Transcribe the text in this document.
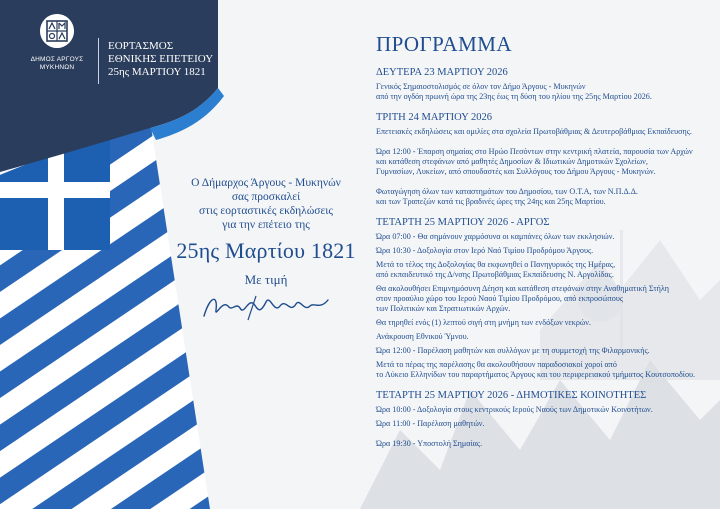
ΔΗΜΟΣ ΑΡΓΟΥΣ
ΜΥΚΗΝΩΝ
ΕΟΡΤΑΣΜΟΣ
ΕΘΝΙΚΗΣ ΕΠΕΤΕΙΟΥ
25ης ΜΑΡΤΙΟΥ 1821
Ο Δήμαρχος Άργους - Μυκηνών
σας προσκαλεί
στις εορταστικές εκδηλώσεις
για την επέτειο της
25ης Μαρτίου 1821
Με τιμή
ΠΡΟΓΡΑΜΜΑ
ΔΕΥΤΕΡΑ 23 ΜΑΡΤΙΟΥ 2026
Γενικός Σημαιοστολισμός σε όλον τον Δήμο Άργους - Μυκηνών
από την ογδόη πρωινή ώρα της 23ης έως τη δύση του ηλίου της 25ης Μαρτίου 2026.
ΤΡΙΤΗ 24 ΜΑΡΤΙΟΥ 2026
Επετειακές εκδηλώσεις και ομιλίες στα σχολεία Πρωτοβάθμιας & Δευτεροβάθμιας Εκπαίδευσης.
Ώρα 12:00 - Έπαρση σημαίας στο Ηρώο Πεσόντων στην κεντρική πλατεία, παρουσία των Αρχών
και κατάθεση στεφάνων από μαθητές Δημοσίων & Ιδιωτικών Δημοτικών Σχολείων,
Γυμνασίων, Λυκείων, από σπουδαστές και Συλλόγους του Δήμου Άργους - Μυκηνών.
Φωταγώγηση όλων των καταστημάτων του Δημοσίου, των Ο.Τ.Α, των Ν.Π.Δ.Δ.
και των Τραπεζών κατά τις βραδινές ώρες της 24ης και 25ης Μαρτίου.
ΤΕΤΑΡΤΗ 25 ΜΑΡΤΙΟΥ 2026 - ΑΡΓΟΣ
Ώρα 07:00 - Θα σημάνουν χαρμόσυνα οι καμπάνες όλων των εκκλησιών.
Ώρα 10:30 - Δοξολογία στον Ιερό Ναό Τιμίου Προδρόμου Άργους.
Μετά το τέλος της Δοξολογίας θα εκφωνηθεί ο Πανηγυρικός της Ημέρας,
από εκπαιδευτικό της Δ/νσης Πρωτοβάθμιας Εκπαίδευσης Ν. Αργολίδας.
Θα ακολουθήσει Επιμνημόσυνη Δέηση και κατάθεση στεφάνων στην Αναθηματική Στήλη
στον προαύλιο χώρο του Ιερού Ναού Τιμίου Προδρόμου, από εκπροσώπους
των Πολιτικών και Στρατιωτικών Αρχών.
Θα τηρηθεί ενός (1) λεπτού σιγή στη μνήμη των ενδόξων νεκρών.
Ανάκρουση Εθνικού Ύμνου.
Ώρα 12:00 - Παρέλαση μαθητών και συλλόγων με τη συμμετοχή της Φιλαρμονικής.
Μετά το πέρας της παρέλασης θα ακολουθήσουν παραδοσιακοί χοροί από
το Λύκειο Ελληνίδων του παραρτήματος Άργους και του περιφερειακού τμήματος Κουτσοποδίου.
ΤΕΤΑΡΤΗ 25 ΜΑΡΤΙΟΥ 2026 - ΔΗΜΟΤΙΚΕΣ ΚΟΙΝΟΤΗΤΕΣ
Ώρα 10:00 - Δοξολογία στους κεντρικούς Ιερούς Ναούς των Δημοτικών Κοινοτήτων.
Ώρα 11:00 - Παρέλαση μαθητών.
Ώρα 19:30 - Υποστολή Σημαίας.
